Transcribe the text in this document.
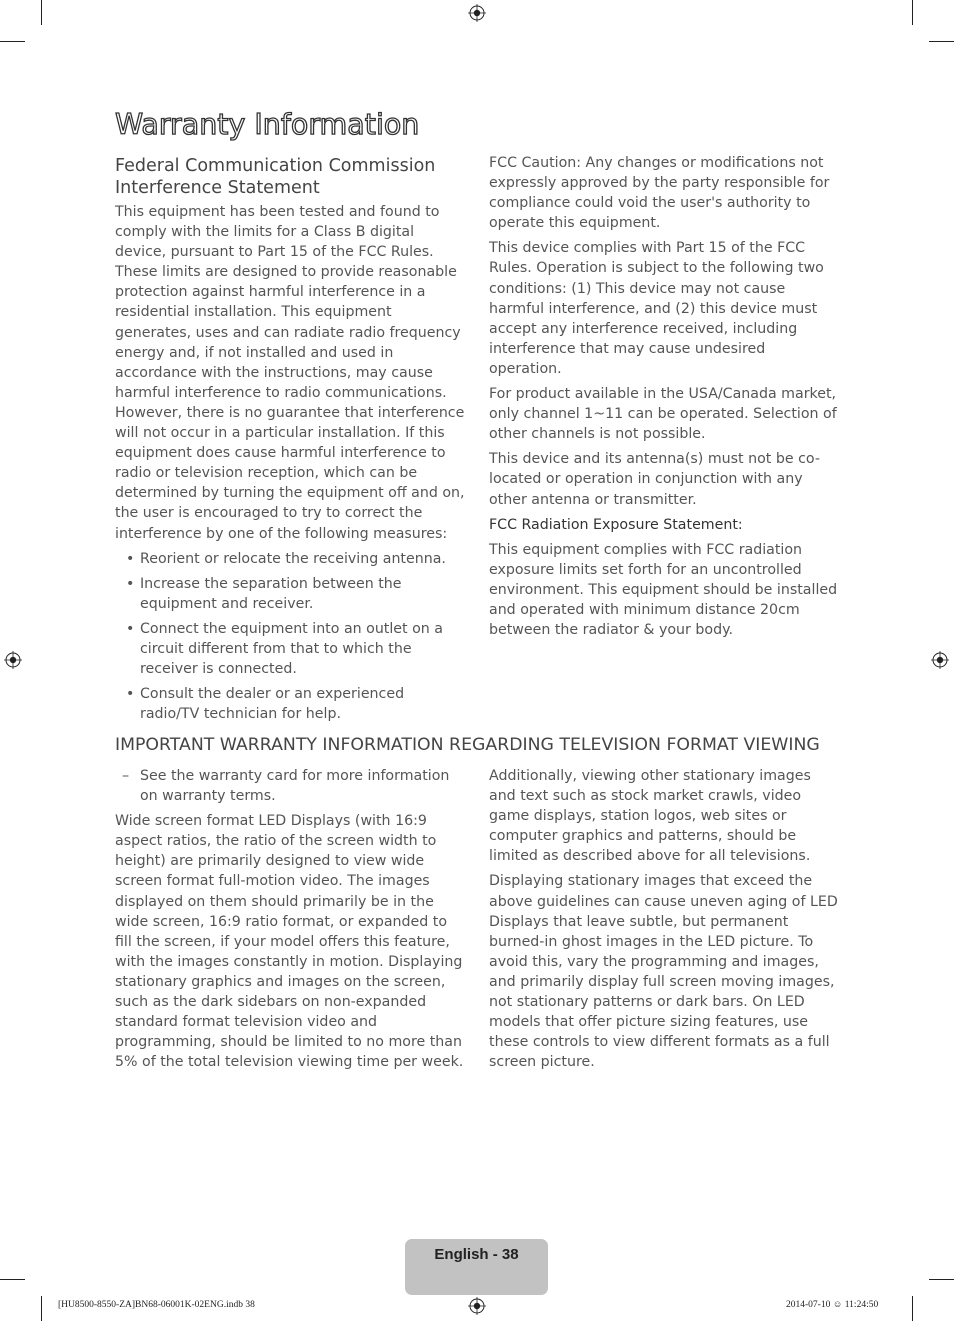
Warranty Information
Federal Communication Commission
Interference Statement

This equipment has been tested and found to comply with the limits for a Class B digital device, pursuant to Part 15 of the FCC Rules. These limits are designed to provide reasonable protection against harmful interference in a residential installation. This equipment generates, uses and can radiate radio frequency energy and, if not installed and used in accordance with the instructions, may cause harmful interference to radio communications. However, there is no guarantee that interference will not occur in a particular installation. If this equipment does cause harmful interference to radio or television reception, which can be determined by turning the equipment off and on, the user is encouraged to try to correct the interference by one of the following measures:

• Reorient or relocate the receiving antenna.
• Increase the separation between the equipment and receiver.
• Connect the equipment into an outlet on a circuit different from that to which the receiver is connected.
• Consult the dealer or an experienced radio/TV technician for help.

FCC Caution: Any changes or modifications not expressly approved by the party responsible for compliance could void the user's authority to operate this equipment.

This device complies with Part 15 of the FCC Rules. Operation is subject to the following two conditions: (1) This device may not cause harmful interference, and (2) this device must accept any interference received, including interference that may cause undesired operation.

For product available in the USA/Canada market, only channel 1~11 can be operated. Selection of other channels is not possible.

This device and its antenna(s) must not be co-located or operation in conjunction with any other antenna or transmitter.

FCC Radiation Exposure Statement:

This equipment complies with FCC radiation exposure limits set forth for an uncontrolled environment. This equipment should be installed and operated with minimum distance 20cm between the radiator & your body.

IMPORTANT WARRANTY INFORMATION REGARDING TELEVISION FORMAT VIEWING
– See the warranty card for more information on warranty terms.

Wide screen format LED Displays (with 16:9 aspect ratios, the ratio of the screen width to height) are primarily designed to view wide screen format full-motion video. The images displayed on them should primarily be in the wide screen, 16:9 ratio format, or expanded to fill the screen, if your model offers this feature, with the images constantly in motion. Displaying stationary graphics and images on the screen, such as the dark sidebars on non-expanded standard format television video and programming, should be limited to no more than 5% of the total television viewing time per week.

Additionally, viewing other stationary images and text such as stock market crawls, video game displays, station logos, web sites or computer graphics and patterns, should be limited as described above for all televisions.

Displaying stationary images that exceed the above guidelines can cause uneven aging of LED Displays that leave subtle, but permanent burned-in ghost images in the LED picture. To avoid this, vary the programming and images, and primarily display full screen moving images, not stationary patterns or dark bars. On LED models that offer picture sizing features, use these controls to view different formats as a full screen picture.

English - 38
[HU8500-8550-ZA]BN68-06001K-02ENG.indb 38	2014-07-10 ☺ 11:24:50
